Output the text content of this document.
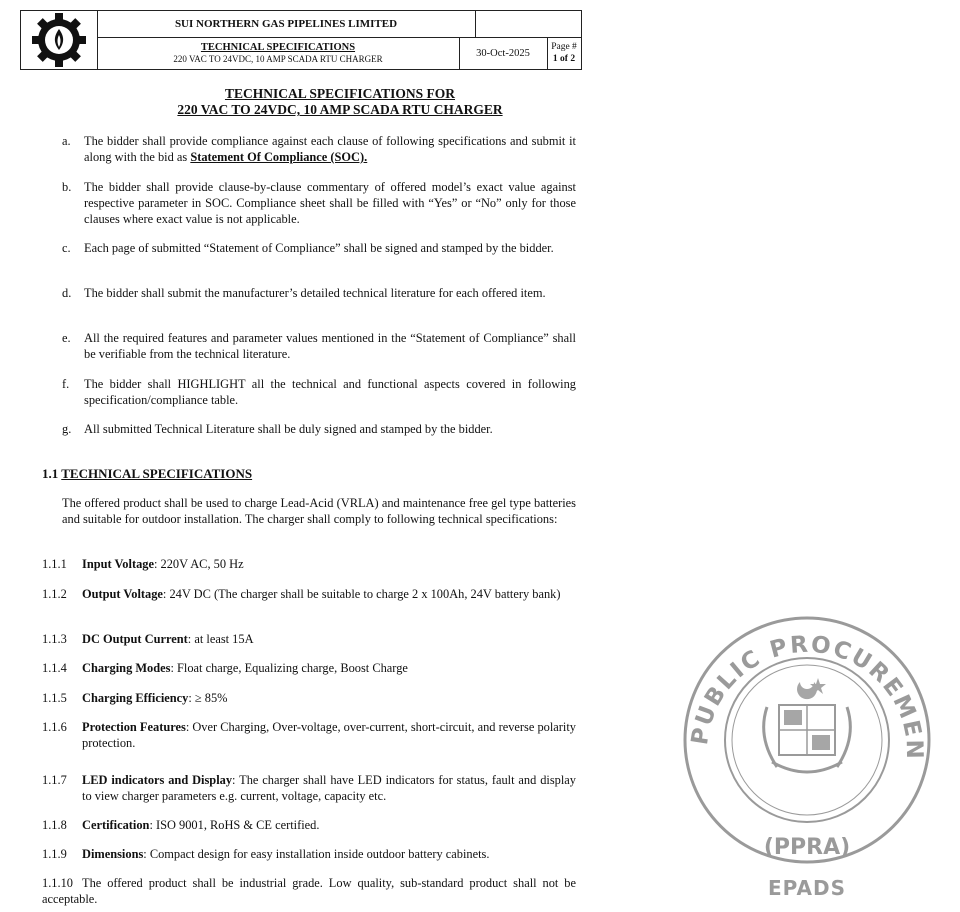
SUI NORTHERN GAS PIPELINES LIMITED
TECHNICAL SPECIFICATIONS
220 VAC TO 24VDC, 10 AMP SCADA RTU CHARGER	30-Oct-2025
Page #
1 of 2
TECHNICAL SPECIFICATIONS FOR
220 VAC TO 24VDC, 10 AMP SCADA RTU CHARGER
a.	The bidder shall provide compliance against each clause of following specifications and submit it along with the bid as Statement Of Compliance (SOC).
b.	The bidder shall provide clause-by-clause commentary of offered model’s exact value against respective parameter in SOC. Compliance sheet shall be filled with “Yes” or “No” only for those clauses where exact value is not applicable.
c.	Each page of submitted “Statement of Compliance” shall be signed and stamped by the bidder.
d.	The bidder shall submit the manufacturer’s detailed technical literature for each offered item.
e.	All the required features and parameter values mentioned in the “Statement of Compliance” shall be verifiable from the technical literature.
f.	The bidder shall HIGHLIGHT all the technical and functional aspects covered in following specification/compliance table.
g.	All submitted Technical Literature shall be duly signed and stamped by the bidder.
1.1 TECHNICAL SPECIFICATIONS
The offered product shall be used to charge Lead-Acid (VRLA) and maintenance free gel type batteries and suitable for outdoor installation. The charger shall comply to following technical specifications:
1.1.1	Input Voltage: 220V AC, 50 Hz
1.1.2	Output Voltage: 24V DC (The charger shall be suitable to charge 2 x 100Ah, 24V battery bank)
1.1.3	DC Output Current: at least 15A
1.1.4	Charging Modes: Float charge, Equalizing charge, Boost Charge
1.1.5	Charging Efficiency: ≥ 85%
1.1.6	Protection Features: Over Charging, Over-voltage, over-current, short-circuit, and reverse polarity protection.
1.1.7	LED indicators and Display: The charger shall have LED indicators for status, fault and display to view charger parameters e.g. current, voltage, capacity etc.
1.1.8	Certification: ISO 9001, RoHS & CE certified.
1.1.9	Dimensions: Compact design for easy installation inside outdoor battery cabinets.
1.1.10 The offered product shall be industrial grade. Low quality, sub-standard product shall not be acceptable.
PUBLIC PROCUREMEN
(PPRA)
EPADS
